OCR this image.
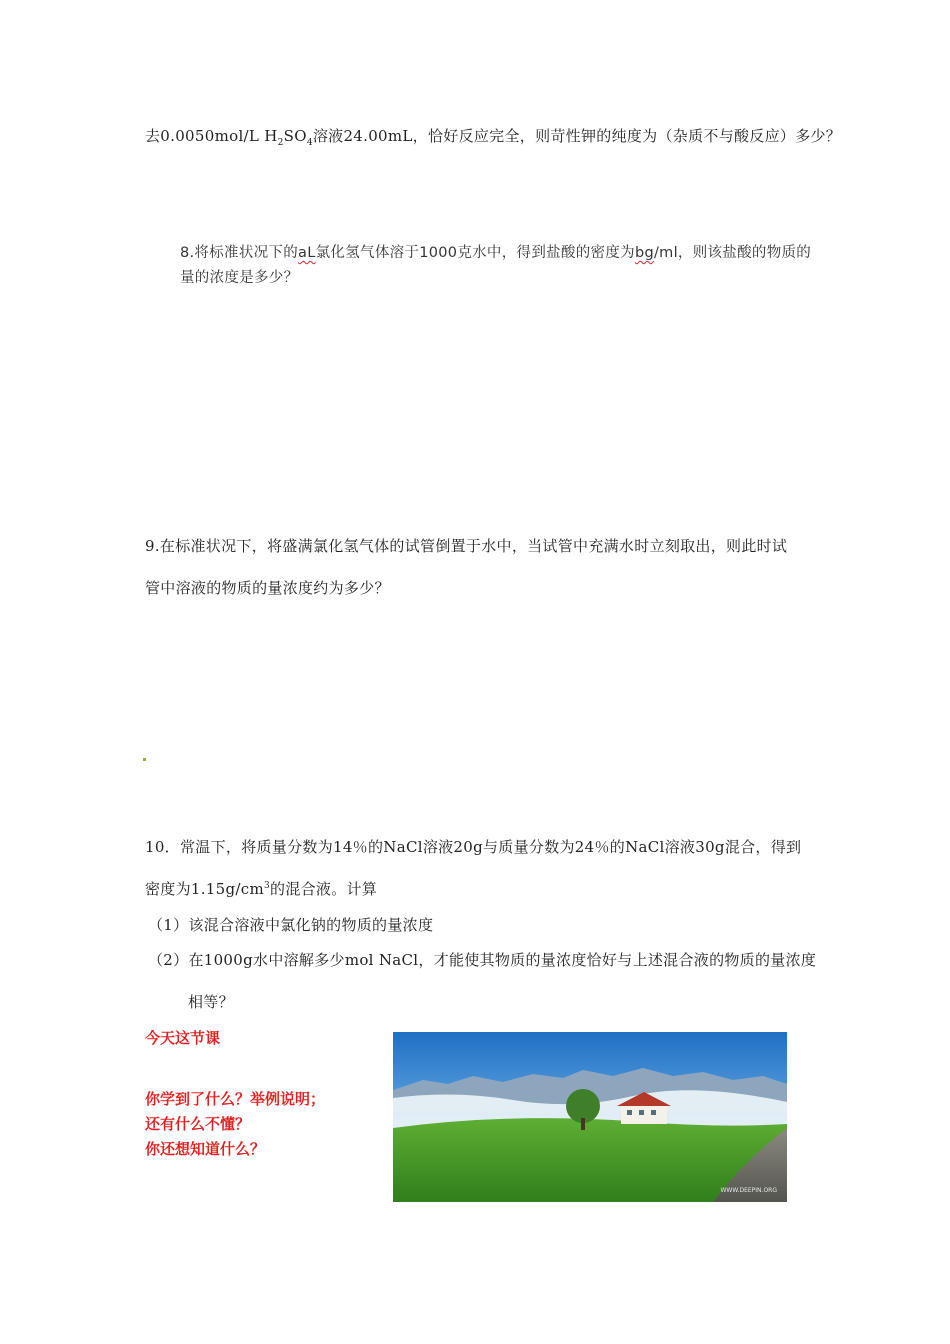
去0.0050mol/L $H_2SO_4$溶液24.00mL，恰好反应完全，则苛性钾的纯度为（杂质不与酸反应）多少？
8.将标准状况下的aL氯化氢气体溶于1000克水中，得到盐酸的密度为bg/ml，则该盐酸的物质的
量的浓度是多少？
9.在标准状况下，将盛满氯化氢气体的试管倒置于水中，当试管中充满水时立刻取出，则此时试
管中溶液的物质的量浓度约为多少？
10．常温下，将质量分数为14％的NaCl溶液20g与质量分数为24％的NaCl溶液30g混合，得到
密度为$1.15g/cm^3$的混合液。计算
（1）该混合溶液中氯化钠的物质的量浓度
（2）在1000g水中溶解多少mol NaCl，才能使其物质的量浓度恰好与上述混合液的物质的量浓度
相等？
今天这节课
你学到了什么？举例说明；
还有什么不懂？
你还想知道什么？
WWW.DEEPIN.ORG
